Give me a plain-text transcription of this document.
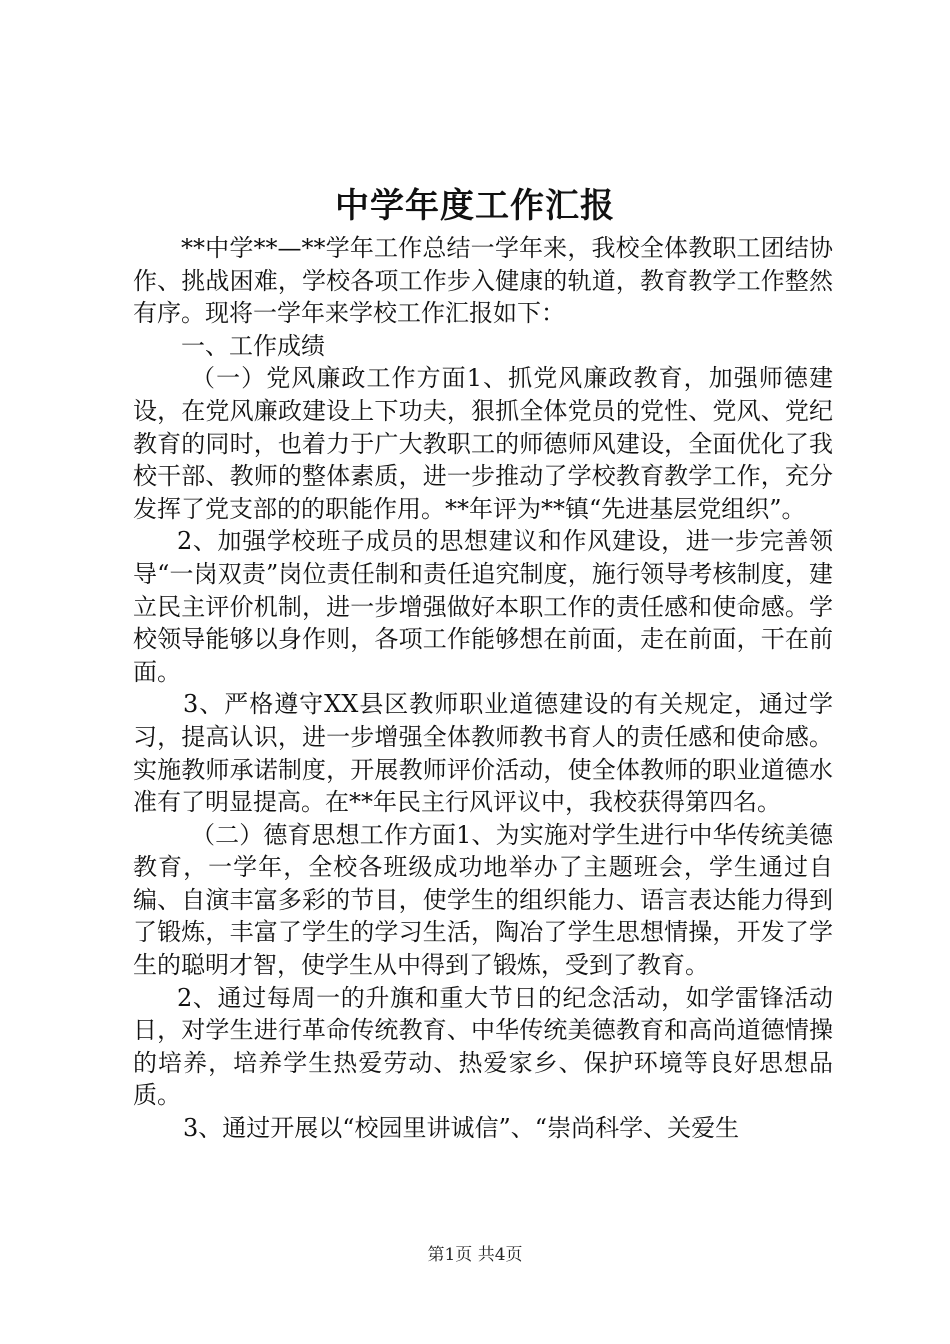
中学年度工作汇报

**中学**—**学年工作总结一学年来，我校全体教职工团结协作、挑战困难，学校各项工作步入健康的轨道，教育教学工作整然有序。现将一学年来学校工作汇报如下：

一、工作成绩

（一）党风廉政工作方面1、抓党风廉政教育，加强师德建设，在党风廉政建设上下功夫，狠抓全体党员的党性、党风、党纪教育的同时，也着力于广大教职工的师德师风建设，全面优化了我校干部、教师的整体素质，进一步推动了学校教育教学工作，充分发挥了党支部的的职能作用。**年评为**镇“先进基层党组织”。

2、加强学校班子成员的思想建议和作风建设，进一步完善领导“一岗双责”岗位责任制和责任追究制度，施行领导考核制度，建立民主评价机制，进一步增强做好本职工作的责任感和使命感。学校领导能够以身作则，各项工作能够想在前面，走在前面，干在前面。

3、严格遵守XX县区教师职业道德建设的有关规定，通过学习，提高认识，进一步增强全体教师教书育人的责任感和使命感。实施教师承诺制度，开展教师评价活动，使全体教师的职业道德水准有了明显提高。在**年民主行风评议中，我校获得第四名。

（二）德育思想工作方面1、为实施对学生进行中华传统美德教育，一学年，全校各班级成功地举办了主题班会，学生通过自编、自演丰富多彩的节目，使学生的组织能力、语言表达能力得到了锻炼，丰富了学生的学习生活，陶冶了学生思想情操，开发了学生的聪明才智，使学生从中得到了锻炼，受到了教育。

2、通过每周一的升旗和重大节日的纪念活动，如学雷锋活动日，对学生进行革命传统教育、中华传统美德教育和高尚道德情操的培养，培养学生热爱劳动、热爱家乡、保护环境等良好思想品质。

3、通过开展以“校园里讲诚信”、“崇尚科学、关爱生

第1页 共4页
